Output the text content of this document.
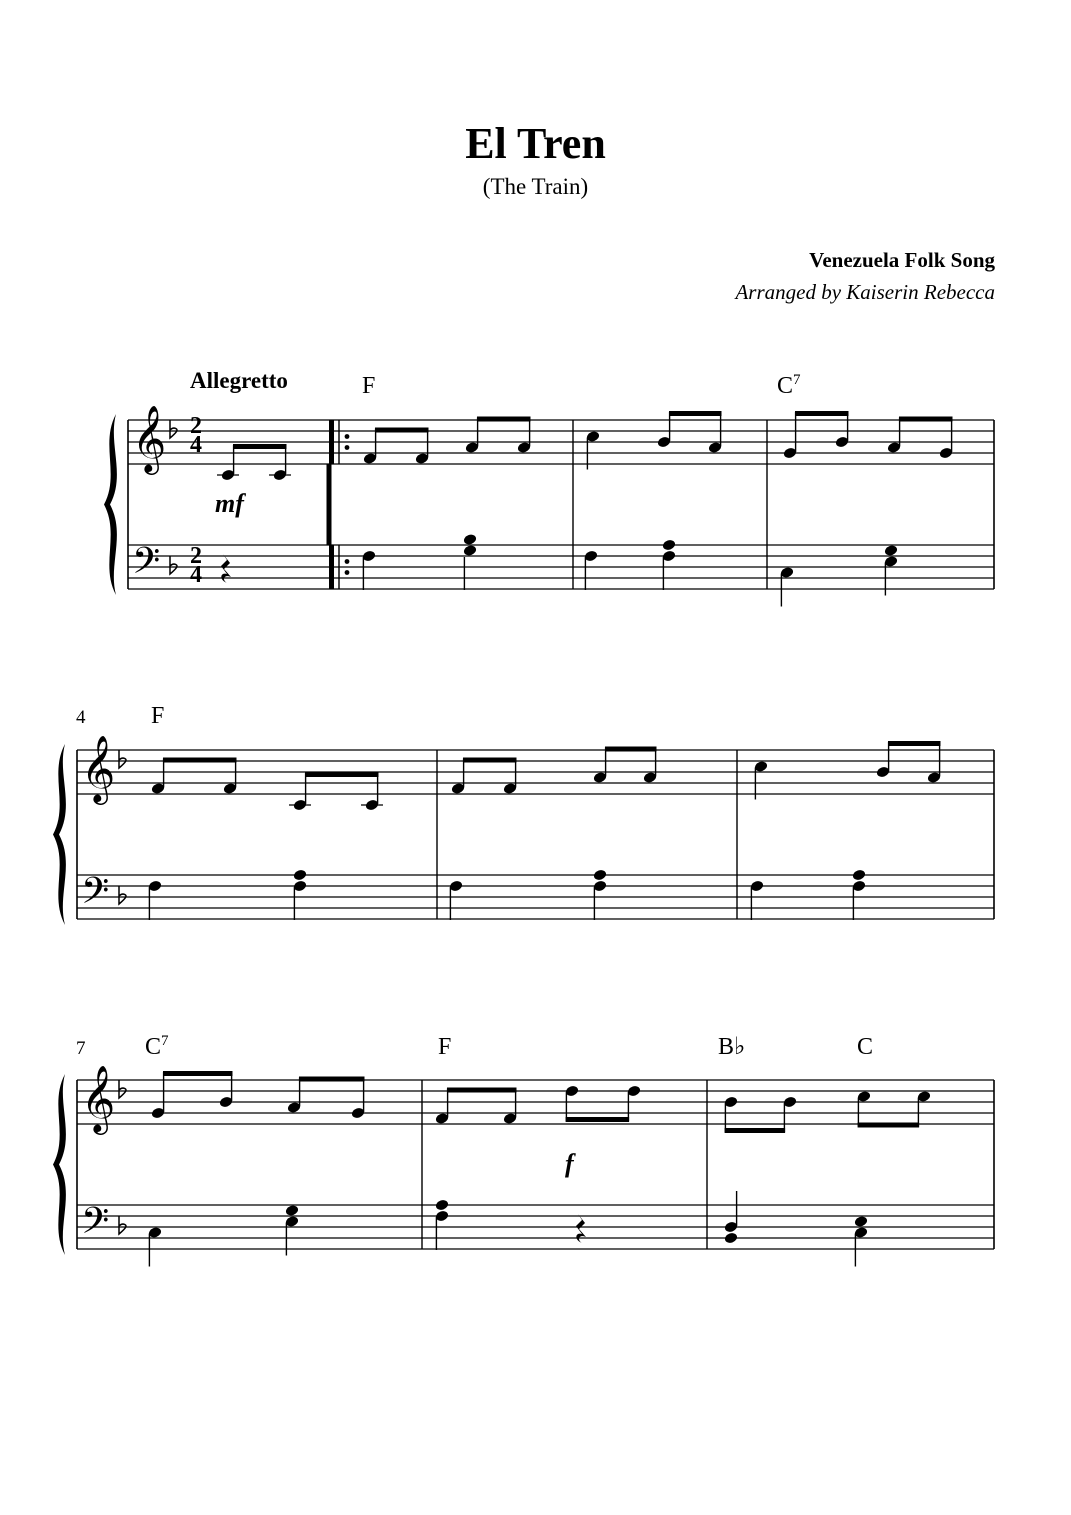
El Tren
(The Train)
Venezuela Folk Song
Arranged by Kaiserin Rebecca
Allegretto	F	$C^7$
F
$C^7$	F	B♭	C
4
7
mf
f
2
4
2
4
𝄞
𝄢
𝄞
𝄢
𝄞
𝄢
